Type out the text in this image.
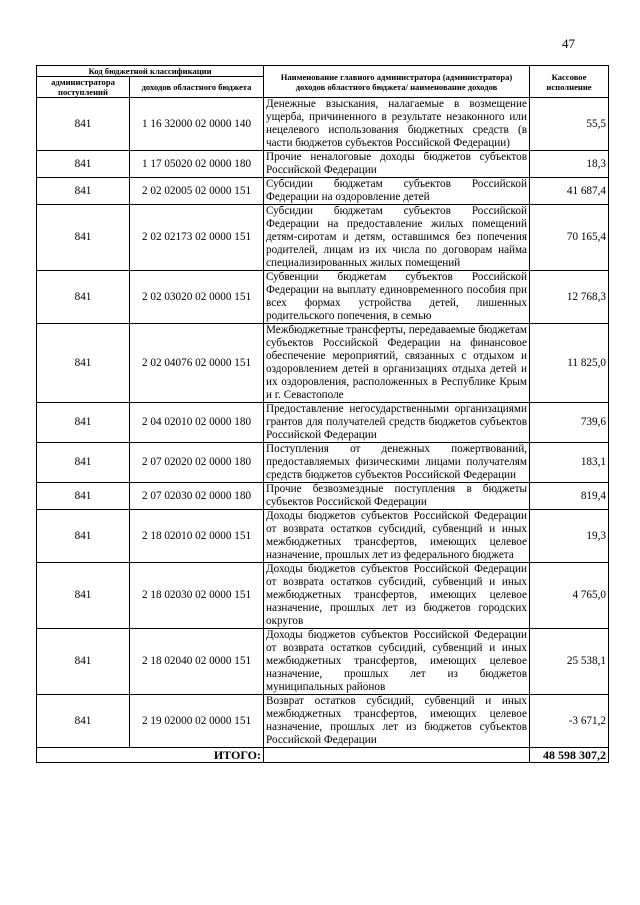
47
Код бюджетной классификации		Наименование главного администратора (администратора) доходов областного бюджета/ наименование доходов	Кассовое исполнение
администратора поступлений	доходов областного бюджета		
841	1 16 32000 02 0000 140	Денежные взыскания, налагаемые в возмещение ущерба, причиненного в результате незаконного или нецелевого использования бюджетных средств (в части бюджетов субъектов Российской Федерации)	55,5
841	1 17 05020 02 0000 180	Прочие неналоговые доходы бюджетов субъектов Российской Федерации	18,3
841	2 02 02005 02 0000 151	Субсидии бюджетам субъектов Российской Федерации на оздоровление детей	41 687,4
841	2 02 02173 02 0000 151	Субсидии бюджетам субъектов Российской Федерации на предоставление жилых помещений детям-сиротам и детям, оставшимся без попечения родителей, лицам из их числа по договорам найма специализированных жилых помещений	70 165,4
841	2 02 03020 02 0000 151	Субвенции бюджетам субъектов Российской Федерации на выплату единовременного пособия при всех формах устройства детей, лишенных родительского попечения, в семью	12 768,3
841	2 02 04076 02 0000 151	Межбюджетные трансферты, передаваемые бюджетам субъектов Российской Федерации на финансовое обеспечение мероприятий, связанных с отдыхом и оздоровлением детей в организациях отдыха детей и их оздоровления, расположенных в Республике Крым и г. Севастополе	11 825,0
841	2 04 02010 02 0000 180	Предоставление негосударственными организациями грантов для получателей средств бюджетов субъектов Российской Федерации	739,6
841	2 07 02020 02 0000 180	Поступления от денежных пожертвований, предоставляемых физическими лицами получателям средств бюджетов субъектов Российской Федерации	183,1
841	2 07 02030 02 0000 180	Прочие безвозмездные поступления в бюджеты субъектов Российской Федерации	819,4
841	2 18 02010 02 0000 151	Доходы бюджетов субъектов Российской Федерации от возврата остатков субсидий, субвенций и иных межбюджетных трансфертов, имеющих целевое назначение, прошлых лет из федерального бюджета	19,3
841	2 18 02030 02 0000 151	Доходы бюджетов субъектов Российской Федерации от возврата остатков субсидий, субвенций и иных межбюджетных трансфертов, имеющих целевое назначение, прошлых лет из бюджетов городских округов	4 765,0
841	2 18 02040 02 0000 151	Доходы бюджетов субъектов Российской Федерации от возврата остатков субсидий, субвенций и иных межбюджетных трансфертов, имеющих целевое назначение, прошлых лет из бюджетов муниципальных районов	25 538,1
841	2 19 02000 02 0000 151	Возврат остатков субсидий, субвенций и иных межбюджетных трансфертов, имеющих целевое назначение, прошлых лет из бюджетов субъектов Российской Федерации	-3 671,2
ИТОГО:			48 598 307,2
